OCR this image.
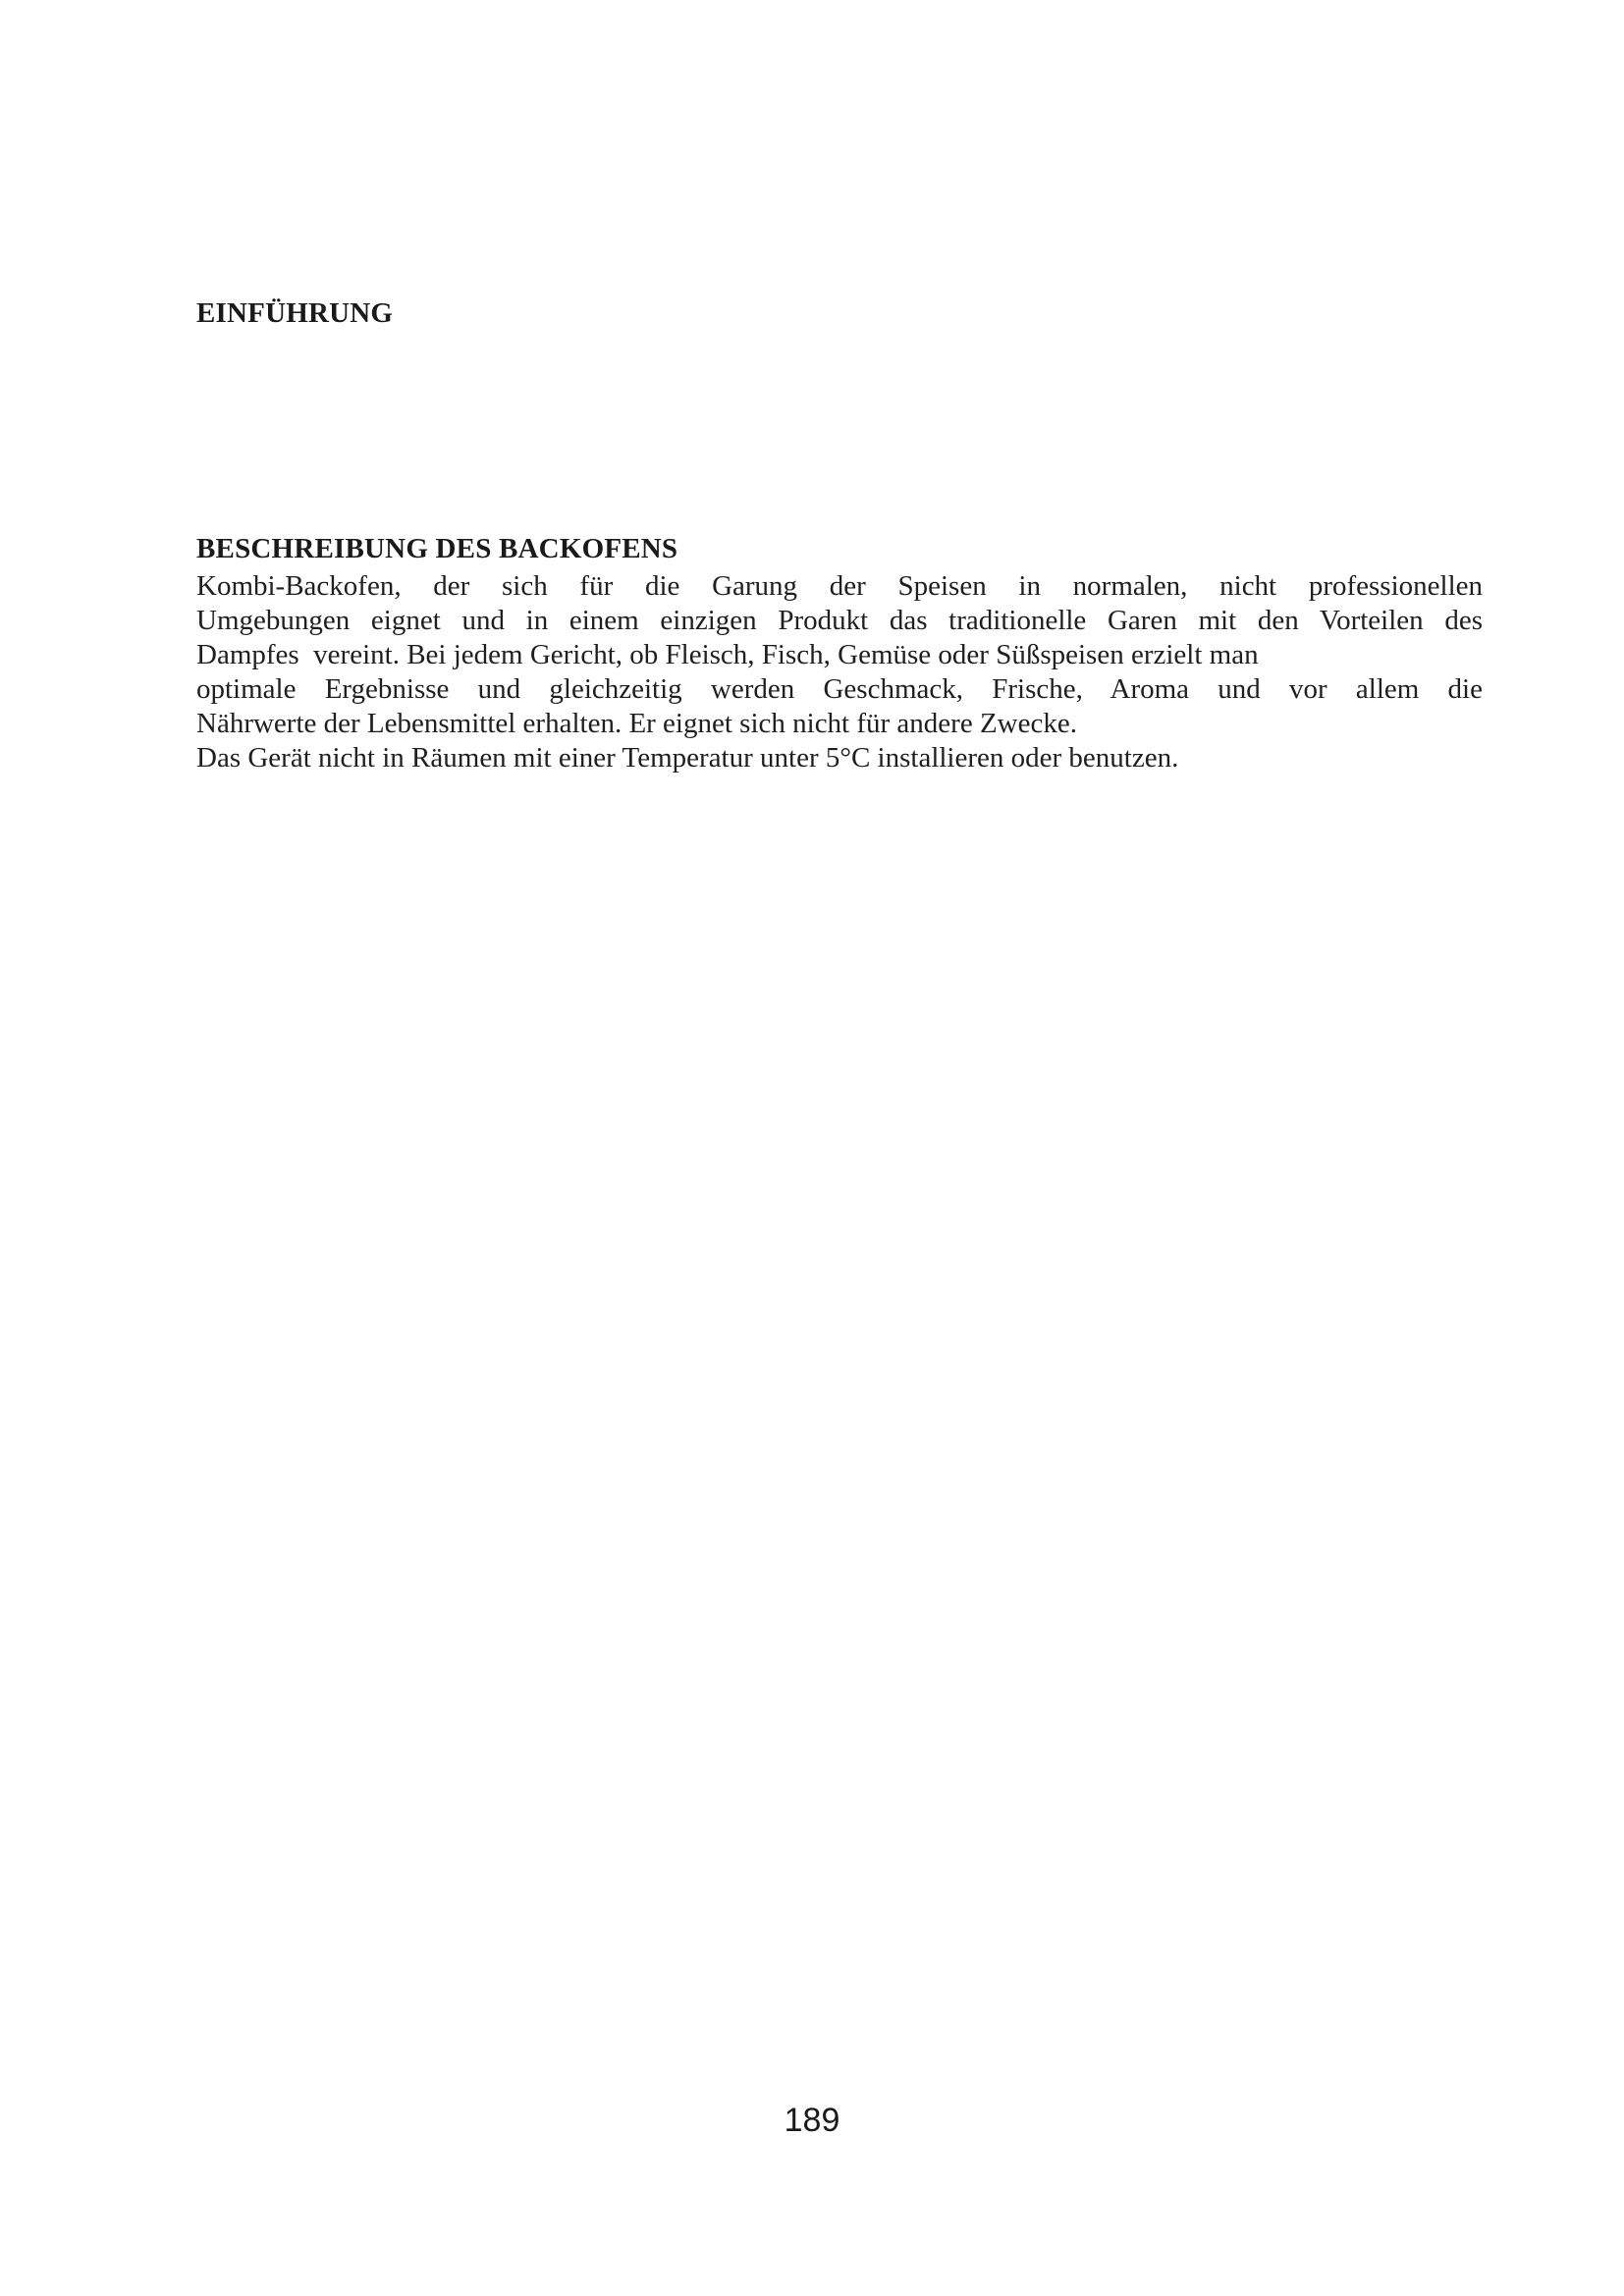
EINFÜHRUNG
BESCHREIBUNG DES BACKOFENS
Kombi-Backofen, der sich für die Garung der Speisen in normalen, nicht professionellen
Umgebungen eignet und in einem einzigen Produkt das traditionelle Garen mit den Vorteilen des
Dampfes  vereint. Bei jedem Gericht, ob Fleisch, Fisch, Gemüse oder Süßspeisen erzielt man
optimale Ergebnisse und gleichzeitig werden Geschmack, Frische, Aroma und vor allem die
Nährwerte der Lebensmittel erhalten. Er eignet sich nicht für andere Zwecke.
Das Gerät nicht in Räumen mit einer Temperatur unter 5°C installieren oder benutzen.
189
